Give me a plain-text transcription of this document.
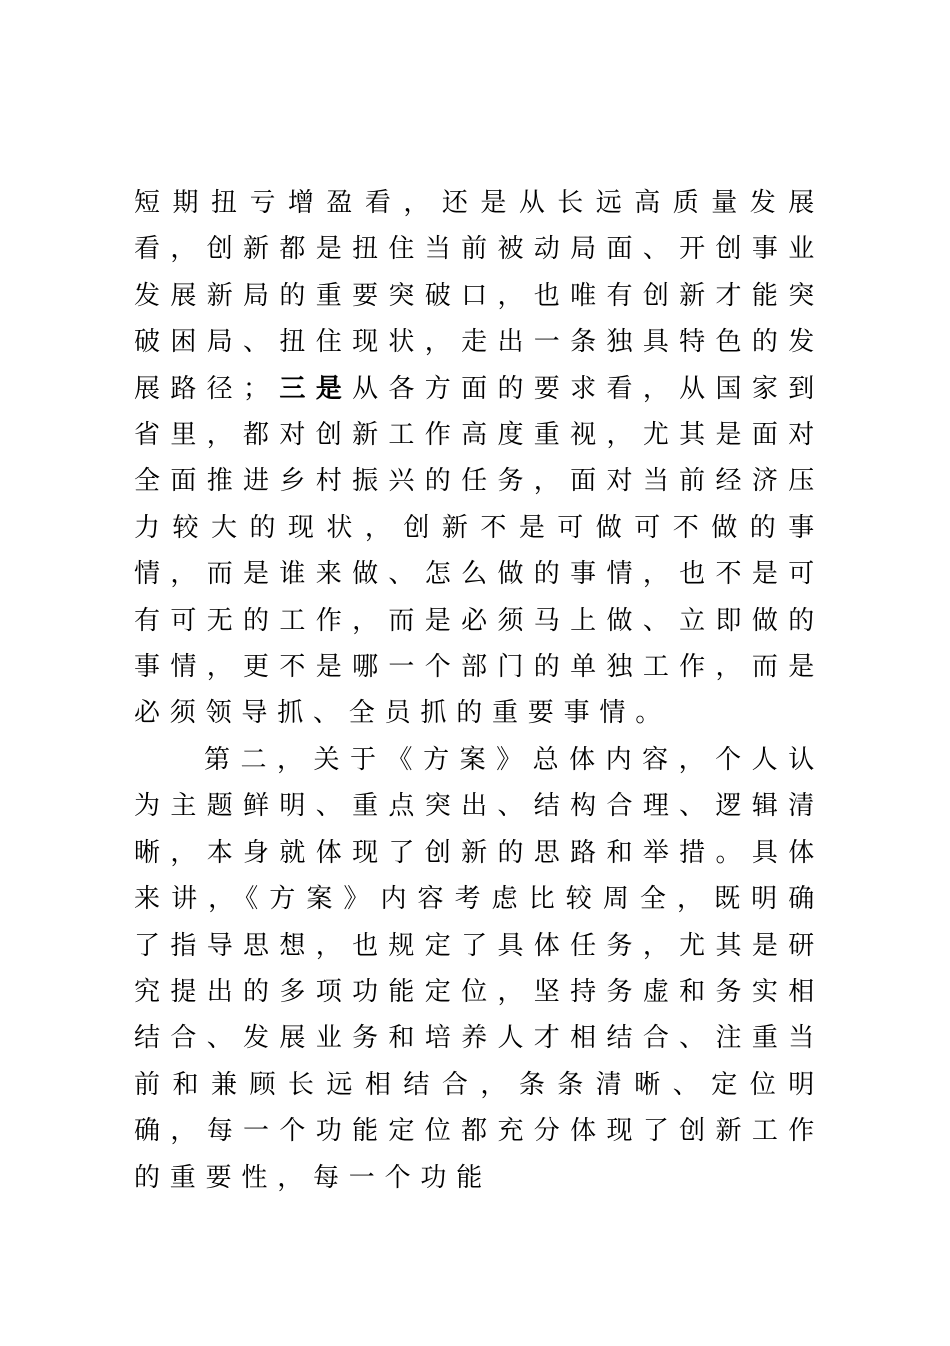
短期扭亏增盈看，还是从长远高质量发展看，创新都是扭住当前被动局面、开创事业发展新局的重要突破口，也唯有创新才能突破困局、扭住现状，走出一条独具特色的发展路径；三是从各方面的要求看，从国家到省里，都对创新工作高度重视，尤其是面对全面推进乡村振兴的任务，面对当前经济压力较大的现状，创新不是可做可不做的事情，而是谁来做、怎么做的事情，也不是可有可无的工作，而是必须马上做、立即做的事情，更不是哪一个部门的单独工作，而是必须领导抓、全员抓的重要事情。

第二，关于《方案》总体内容，个人认为主题鲜明、重点突出、结构合理、逻辑清晰，本身就体现了创新的思路和举措。具体来讲，《方案》内容考虑比较周全，既明确了指导思想，也规定了具体任务，尤其是研究提出的多项功能定位，坚持务虚和务实相结合、发展业务和培养人才相结合、注重当前和兼顾长远相结合，条条清晰、定位明确，每一个功能定位都充分体现了创新工作的重要性，每一个功能
